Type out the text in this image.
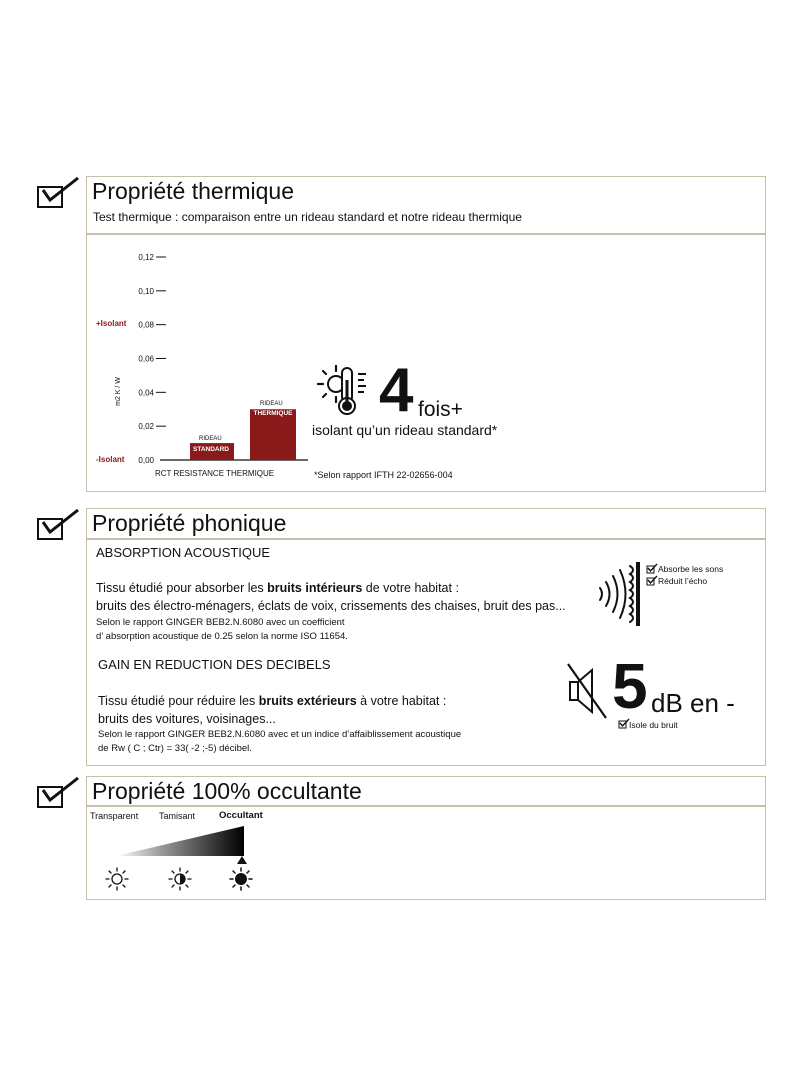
Propriété thermique
Test thermique : comparaison entre un rideau standard et notre rideau thermique
0,00
0,02
0,04
0,06
0,08
0,10
0,12
+Isolant
-Isolant
m2 K / W
RCT RESISTANCE THERMIQUE
RIDEAU
STANDARD
RIDEAU
THERMIQUE 4 fois+
isolant qu’un rideau standard*
*Selon rapport IFTH 22-02656-004
Propriété phonique
ABSORPTION ACOUSTIQUE
Tissu étudié pour absorber les bruits intérieurs de votre habitat :
bruits des électro-ménagers, éclats de voix, crissements des chaises, bruit des pas...
Selon le rapport GINGER BEB2.N.6080 avec un coefficient
d’ absorption acoustique de 0.25 selon la norme ISO 11654.
Absorbe les sons
Réduit l’écho
GAIN EN REDUCTION DES DECIBELS
Tissu étudié pour réduire les bruits extérieurs à votre habitat :
bruits des voitures, voisinages...
Selon le rapport GINGER BEB2.N.6080 avec et un indice d’affaiblissement acoustique
de Rw ( C ; Ctr) = 33( -2 ;-5) décibel.
5 dB en -
Isole du bruit
Propriété 100% occultante
Transparent Tamisant	Occultant
